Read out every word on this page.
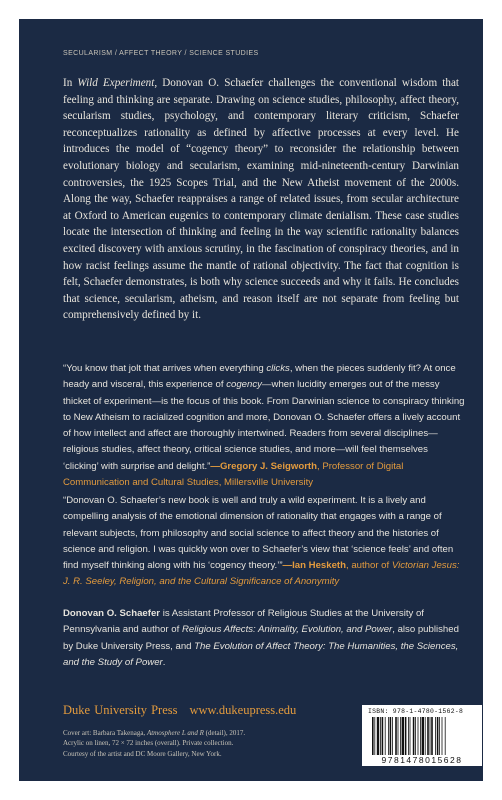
SECULARISM / AFFECT THEORY / SCIENCE STUDIES

In Wild Experiment, Donovan O. Schaefer challenges the conventional wisdom that feeling and thinking are separate. Drawing on science studies, philosophy, affect theory, secularism studies, psychology, and contemporary literary criticism, Schaefer reconceptualizes rationality as defined by affective processes at every level. He introduces the model of “cogency theory” to reconsider the relationship between evolutionary biology and secularism, examining mid-nineteenth-century Darwinian controversies, the 1925 Scopes Trial, and the New Atheist movement of the 2000s. Along the way, Schaefer reappraises a range of related issues, from secular architecture at Oxford to American eugenics to contemporary climate denialism. These case studies locate the intersection of thinking and feeling in the way scientific rationality balances excited discovery with anxious scrutiny, in the fascination of conspiracy theories, and in how racist feelings assume the mantle of rational objectivity. The fact that cognition is felt, Schaefer demonstrates, is both why science succeeds and why it fails. He concludes that science, secularism, atheism, and reason itself are not separate from feeling but comprehensively defined by it.

“You know that jolt that arrives when everything clicks, when the pieces suddenly fit? At once heady and visceral, this experience of cogency—when lucidity emerges out of the messy thicket of experiment—is the focus of this book. From Darwinian science to conspiracy thinking to New Atheism to racialized cognition and more, Donovan O. Schaefer offers a lively account of how intellect and affect are thoroughly intertwined. Readers from several disciplines—religious studies, affect theory, critical science studies, and more—will feel themselves ‘clicking’ with surprise and delight.”—Gregory J. Seigworth, Professor of Digital Communication and Cultural Studies, Millersville University

“Donovan O. Schaefer’s new book is well and truly a wild experiment. It is a lively and compelling analysis of the emotional dimension of rationality that engages with a range of relevant subjects, from philosophy and social science to affect theory and the histories of science and religion. I was quickly won over to Schaefer’s view that ‘science feels’ and often find myself thinking along with his ‘cogency theory.’”—Ian Hesketh, author of Victorian Jesus: J. R. Seeley, Religion, and the Cultural Significance of Anonymity

Donovan O. Schaefer is Assistant Professor of Religious Studies at the University of Pennsylvania and author of Religious Affects: Animality, Evolution, and Power, also published by Duke University Press, and The Evolution of Affect Theory: The Humanities, the Sciences, and the Study of Power.

Duke University Press www.dukeupress.edu

Cover art: Barbara Takenaga, Atmosphere L and R (detail), 2017.
Acrylic on linen, 72 × 72 inches (overall). Private collection.
Courtesy of the artist and DC Moore Gallery, New York.

ISBN: 978-1-4780-1562-8
9781478015628
